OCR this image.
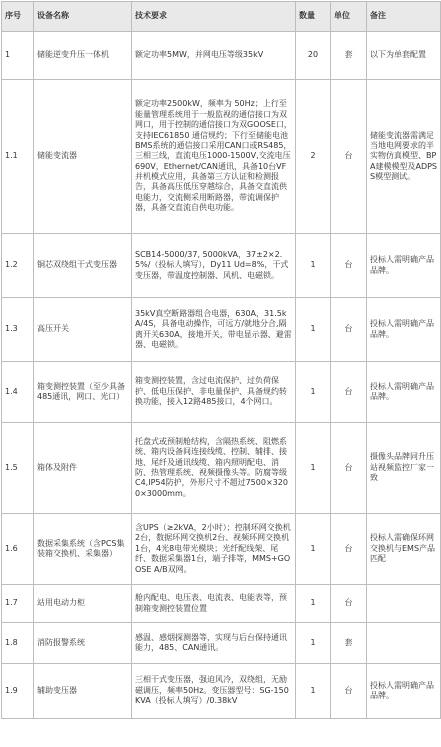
序号	设备名称	技术要求	数量	单位	备注
1	储能逆变升压一体机	额定功率5MW，并网电压等级35kV	20	套	以下为单套配置
1.1	储能变流器	额定功率2500kW，频率为 50Hz；上行至能量管理系统用于一般监视的通信接口为双网口，用于控制的通信接口为双GOOSE口，支持IEC61850 通信规约；下行至储能电池BMS系统的通信接口采用CAN口或RS485，三相三线，直流电压1000-1500V,交流电压690V，Ethernet/CAN通讯，具备10台VF并机模式应用，具备第三方认证和检测报告，具备高压低压穿越综合，具备交直流供电能力，交流侧采用断路器，带流调保护器，具备交直流自供电功能。	2	台	储能变流器需满足当地电网要求的半实物仿真模型、BPA建模模型及ADPSS模型测试。
1.2	铜芯双绕组干式变压器	SCB14-5000/37, 5000kVA，37±2×2.5%/（投标人填写），Dy11 Ud=8%，干式变压器，带温度控制器、风机、电磁锁。	1	台	投标人需明确产品品牌。
1.3	高压开关	35kV真空断路器组合电器，630A，31.5kA/4S，具备电动操作，可远方/就地分合,隔离开关630A，接地开关，带电显示器、避雷器、电磁锁。	1	台	投标人需明确产品品牌。
1.4	箱变测控装置（至少具备485通讯，网口、光口）	箱变测控装置，含过电流保护、过负荷保护、低电压保护、非电量保护、具备规约转换功能，接入12路485接口，4个网口。	1	台	投标人需明确产品品牌。
1.5	箱体及附件	托盘式或预制舱结构，含隔热系统、阻燃系统、箱内设备间连接线缆、控制、辅排、接地、尾纤及通讯线缆、箱内照明配电、消防、热管理系统、视频摄像头等。防腐等级C4,IP54防护，外形尺寸不超过7500×3200×3000mm。	1	台	摄像头品牌同升压站视频监控厂家一致
1.6	数据采集系统（含PCS集装箱交换机、采集器）	含UPS（≥2kVA，2小时）；控制环网交换机2台，数据环网交换机2台、视频环网交换机1台，4光8电带光模块；光纤配线架、尾纤、数据采集器1台，端子排等，MMS+GOOSE A/B双网。	1	台	投标人需确保环网交换机与EMS产品匹配
1.7	站用电动力柜	舱内配电、电压表、电流表、电能表等，预制箱变测控装置位置	1	台	
1.8	消防报警系统	感温、感烟探测器等，实现与后台保持通讯能力，485、CAN通讯。	1	套	
1.9	辅助变压器	三相干式变压器，强迫风冷，双绕组，无励磁调压，频率50Hz。变压器型号：SG-150KVA（投标人填写）/0.38kV	1	台	投标人需明确产品品牌。
